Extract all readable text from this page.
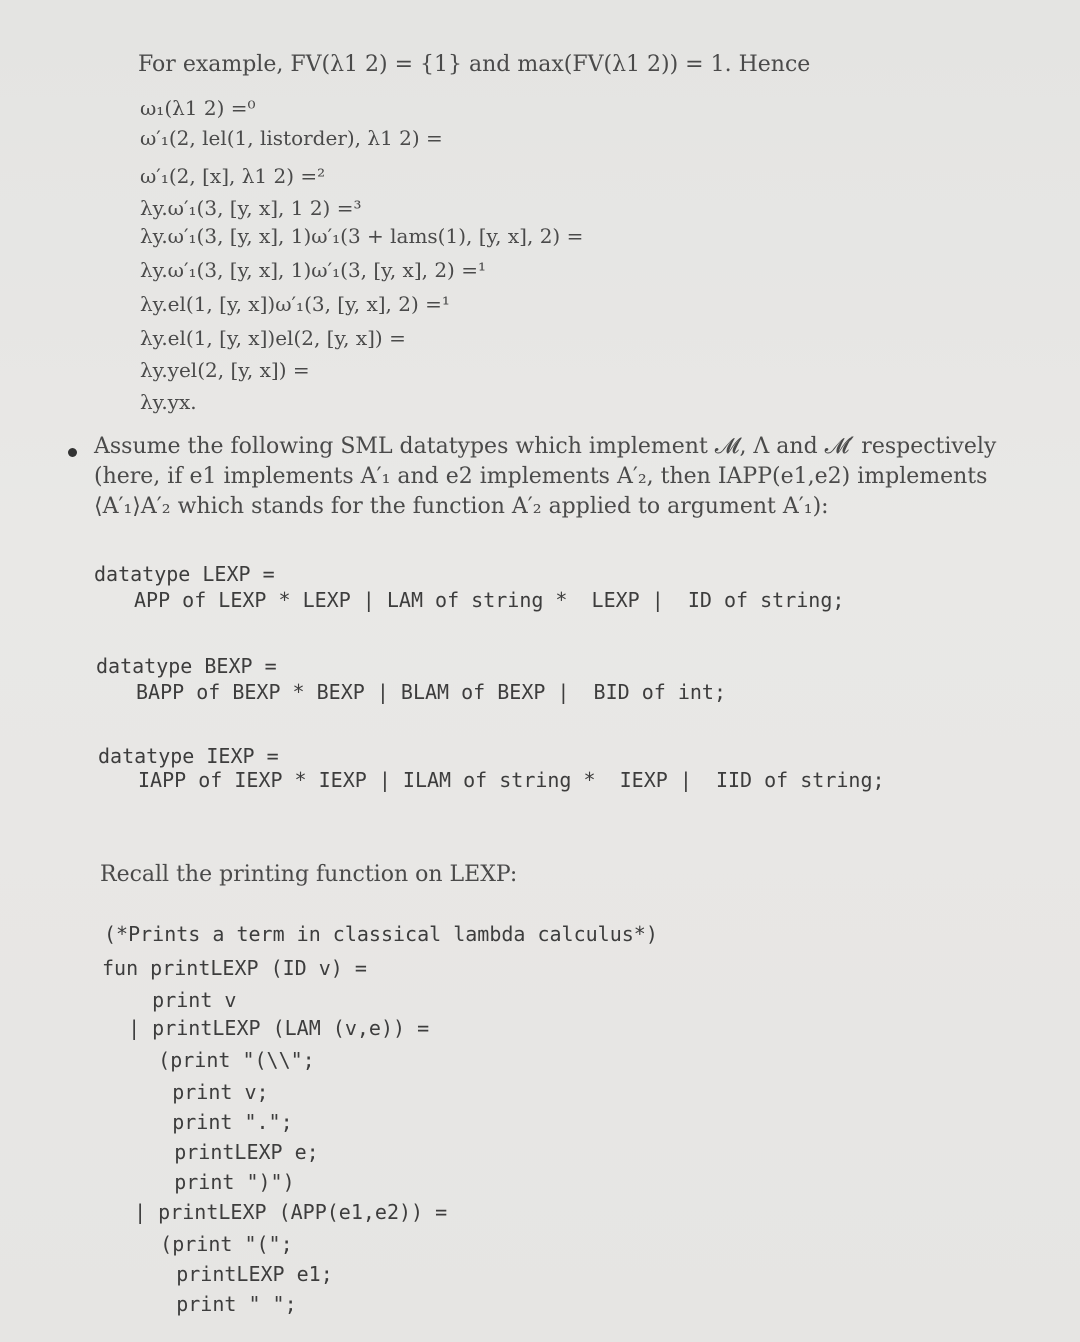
For example, FV(λ1 2) = {1} and max(FV(λ1 2)) = 1. Hence
ω₁(λ1 2) =⁰
ω′₁(2, lel(1, listorder), λ1 2) =
ω′₁(2, [x], λ1 2) =²
λy.ω′₁(3, [y, x], 1 2) =³
λy.ω′₁(3, [y, x], 1)ω′₁(3 + lams(1), [y, x], 2) =
λy.ω′₁(3, [y, x], 1)ω′₁(3, [y, x], 2) =¹
λy.el(1, [y, x])ω′₁(3, [y, x], 2) =¹
λy.el(1, [y, x])el(2, [y, x]) =
λy.yel(2, [y, x]) =
λy.yx.
Assume the following SML datatypes which implement 𝓜, Λ and 𝓜′ respectively
(here, if e1 implements A′₁ and e2 implements A′₂, then IAPP(e1,e2) implements
⟨A′₁⟩A′₂ which stands for the function A′₂ applied to argument A′₁):
datatype LEXP =
APP of LEXP * LEXP | LAM of string *  LEXP |  ID of string;
datatype BEXP =
BAPP of BEXP * BEXP | BLAM of BEXP |  BID of int;
datatype IEXP =
IAPP of IEXP * IEXP | ILAM of string *  IEXP |  IID of string;
Recall the printing function on LEXP:
(*Prints a term in classical lambda calculus*)
fun printLEXP (ID v) =
print v
| printLEXP (LAM (v,e)) =
(print "(\\";
print v;
print ".";
printLEXP e;
print ")")
| printLEXP (APP(e1,e2)) =
(print "(";
printLEXP e1;
print " ";
